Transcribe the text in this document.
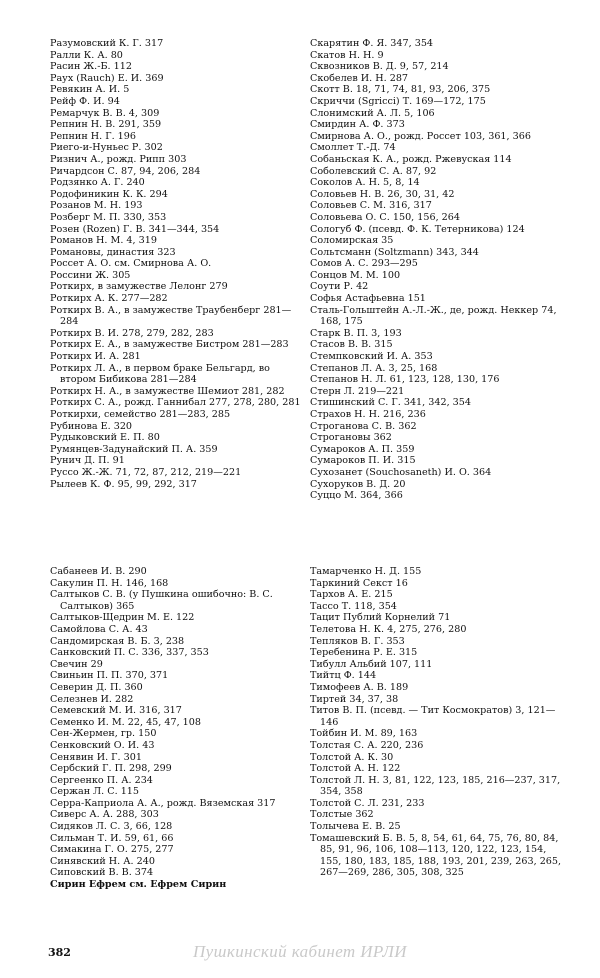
Разумовский К. Г. 317
Ралли К. А. 80
Расин Ж.-Б. 112
Раух (Rauch) Е. И. 369
Ревякин А. И. 5
Рейф Ф. И. 94
Ремарчук В. В. 4, 309
Репнин Н. В. 291, 359
Репнин Н. Г. 196
Риего-и-Нуньес Р. 302
Ризнич А., рожд. Рипп 303
Ричардсон С. 87, 94, 206, 284
Родзянко А. Г. 240
Родофиникин К. К. 294
Розанов М. Н. 193
Розберг М. П. 330, 353
Розен (Rozen) Г. В. 341—344, 354
Романов Н. М. 4, 319
Романовы, династия 323
Россет А. О. см. Смирнова А. О.
Россини Ж. 305
Роткирх, в замужестве Лелонг 279
Роткирх А. К. 277—282
Роткирх В. А., в замужестве Траубенберг 281—284
Роткирх В. И. 278, 279, 282, 283
Роткирх Е. А., в замужестве Бистром 281—283
Роткирх И. А. 281
Роткирх Л. А., в первом браке Бельгард, во втором Бибикова 281—284
Роткирх Н. А., в замужестве Шемиот 281, 282
Роткирх С. А., рожд. Ганнибал 277, 278, 280, 281
Роткирхи, семейство 281—283, 285
Рубинова Е. 320
Рудыковский Е. П. 80
Румянцев-Задунайский П. А. 359
Рунич Д. П. 91
Руссо Ж.-Ж. 71, 72, 87, 212, 219—221
Рылеев К. Ф. 95, 99, 292, 317
Сабанеев И. В. 290
Сакулин П. Н. 146, 168
Салтыков С. В. (у Пушкина ошибочно: В. С. Салтыков) 365
Салтыков-Щедрин М. Е. 122
Самойлова С. А. 43
Сандомирская В. Б. 3, 238
Санковский П. С. 336, 337, 353
Свечин 29
Свиньин П. П. 370, 371
Северин Д. П. 360
Селезнев И. 282
Семевский М. И. 316, 317
Семенко И. М. 22, 45, 47, 108
Сен-Жермен, гр. 150
Сенковский О. И. 43
Сенявин И. Г. 301
Сербский Г. П. 298, 299
Сергеенко П. А. 234
Сержан Л. С. 115
Серра-Каприола А. А., рожд. Вяземская 317
Сиверс А. А. 288, 303
Сидяков Л. С. 3, 66, 128
Сильман Т. И. 59, 61, 66
Симакина Г. О. 275, 277
Синявский Н. А. 240
Сиповский В. В. 374
Сирин Ефрем см. Ефрем Сирин
Скарятин Ф. Я. 347, 354
Скатов Н. Н. 9
Сквозников В. Д. 9, 57, 214
Скобелев И. Н. 287
Скотт В. 18, 71, 74, 81, 93, 206, 375
Скриччи (Sgricci) Т. 169—172, 175
Слонимский А. Л. 5, 106
Смирдин А. Ф. 373
Смирнова А. О., рожд. Россет 103, 361, 366
Смоллет Т.-Д. 74
Собаньская К. А., рожд. Ржевуская 114
Соболевский С. А. 87, 92
Соколов А. Н. 5, 8, 14
Соловьев Н. В. 26, 30, 31, 42
Соловьев С. М. 316, 317
Соловьева О. С. 150, 156, 264
Сологуб Ф. (псевд. Ф. К. Тетерникова) 124
Соломирская 35
Сольтсманн (Soltzmann) 343, 344
Сомов А. С. 293—295
Сонцов М. М. 100
Соути Р. 42
Софья Астафьевна 151
Сталь-Гольштейн А.-Л.-Ж., де, рожд. Неккер 74, 168, 175
Старк В. П. 3, 193
Стасов В. В. 315
Стемпковский И. А. 353
Степанов Л. А. 3, 25, 168
Степанов Н. Л. 61, 123, 128, 130, 176
Стерн Л. 219—221
Стишинский С. Г. 341, 342, 354
Страхов Н. Н. 216, 236
Строганова С. В. 362
Строгановы 362
Сумароков А. П. 359
Сумароков П. И. 315
Сухозанет (Souchosaneth) И. О. 364
Сухоруков В. Д. 20
Суццо М. 364, 366
Тамарченко Н. Д. 155
Таркиний Секст 16
Тархов А. Е. 215
Тассо Т. 118, 354
Тацит Публий Корнелий 71
Телетова Н. К. 4, 275, 276, 280
Тепляков В. Г. 353
Теребенина Р. Е. 315
Тибулл Альбий 107, 111
Тийтц Ф. 144
Тимофеев А. В. 189
Тиртей 34, 37, 38
Титов В. П. (псевд. — Тит Космократов) 3, 121—146
Тойбин И. М. 89, 163
Толстая С. А. 220, 236
Толстой А. К. 30
Толстой А. Н. 122
Толстой Л. Н. 3, 81, 122, 123, 185, 216—237, 317, 354, 358
Толстой С. Л. 231, 233
Толстые 362
Толычева Е. В. 25
Томашевский Б. В. 5, 8, 54, 61, 64, 75, 76, 80, 84, 85, 91, 96, 106, 108—113, 120, 122, 123, 154, 155, 180, 183, 185, 188, 193, 201, 239, 263, 265, 267—269, 286, 305, 308, 325
382	Пушкинский кабинет ИРЛИ
